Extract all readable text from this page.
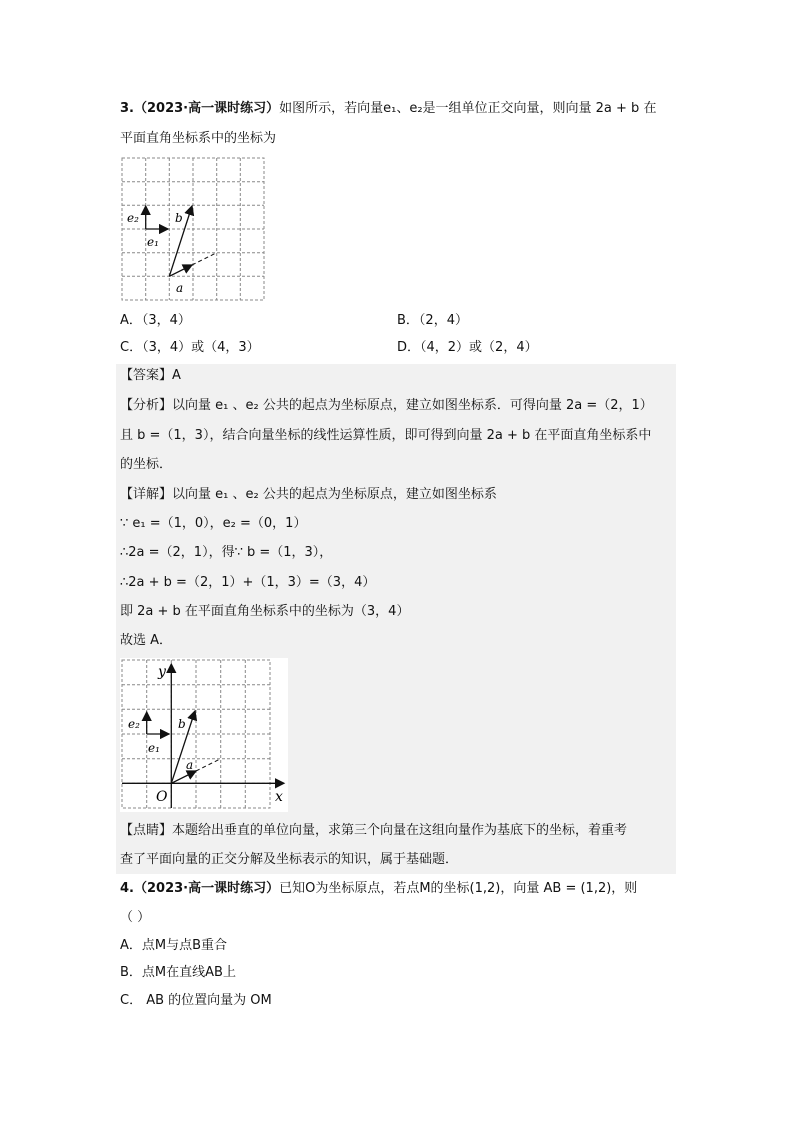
3.（2023·高一课时练习）如图所示，若向量e₁、e₂是一组单位正交向量，则向量 2a + b 在
平面直角坐标系中的坐标为
e₂
e₁
b
a
A．（3，4）	B．（2，4）
C．（3，4）或（4，3）	D．（4，2）或（2，4）
【答案】A
【分析】以向量 e₁ 、e₂ 公共的起点为坐标原点，建立如图坐标系．可得向量 2a =（2，1）
且 b =（1，3），结合向量坐标的线性运算性质，即可得到向量 2a + b 在平面直角坐标系中
的坐标．
【详解】以向量 e₁ 、e₂ 公共的起点为坐标原点，建立如图坐标系
∵ e₁ =（1，0），e₂ =（0，1）
∴2a =（2，1），得∵ b =（1，3），
∴2a + b =（2，1）+（1，3）=（3，4）
即 2a + b 在平面直角坐标系中的坐标为（3，4）
故选 A．
y
x
O
e₂
e₁
b
a
【点睛】本题给出垂直的单位向量，求第三个向量在这组向量作为基底下的坐标，着重考
查了平面向量的正交分解及坐标表示的知识，属于基础题．
4.（2023·高一课时练习）已知O为坐标原点，若点M的坐标(1,2)，向量 AB = (1,2)，则
（ ）
A．点M与点B重合
B．点M在直线AB上
C． AB 的位置向量为 OM
